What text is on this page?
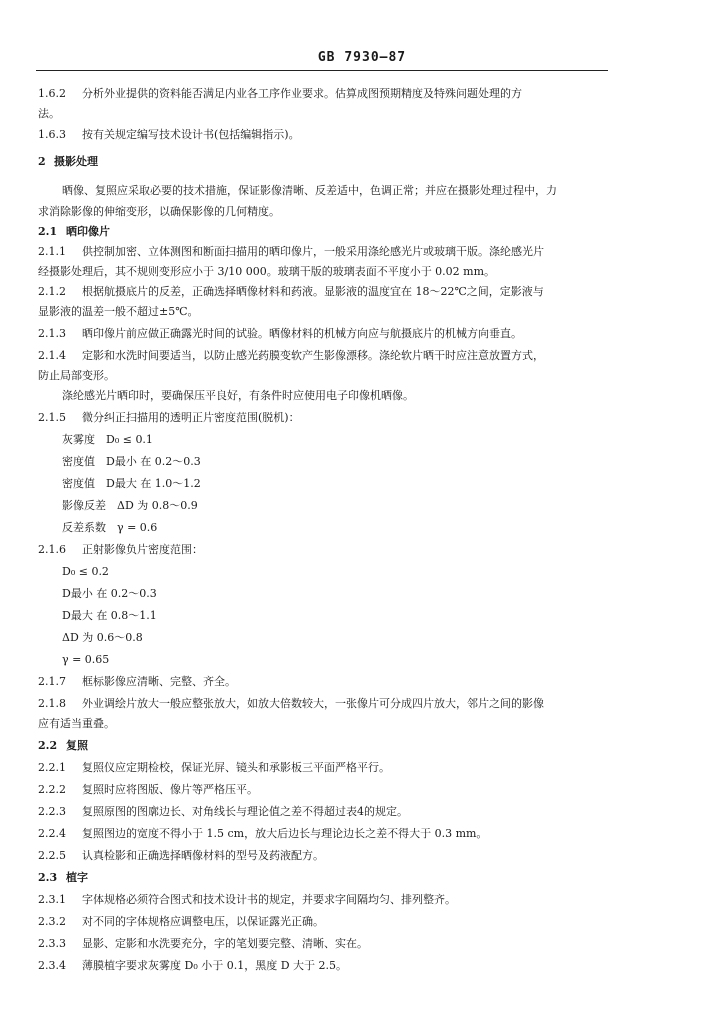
GB 7930—87
1.6.2 分析外业提供的资料能否满足内业各工序作业要求。估算成图预期精度及特殊问题处理的方
法。
1.6.3 按有关规定编写技术设计书(包括编辑指示)。
2 摄影处理
晒像、复照应采取必要的技术措施，保证影像清晰、反差适中，色调正常；并应在摄影处理过程中，力
求消除影像的伸缩变形，以确保影像的几何精度。
2.1 晒印像片
2.1.1 供控制加密、立体测图和断面扫描用的晒印像片，一般采用涤纶感光片或玻璃干版。涤纶感光片
经摄影处理后，其不规则变形应小于 3/10 000。玻璃干版的玻璃表面不平度小于 0.02 mm。
2.1.2 根据航摄底片的反差，正确选择晒像材料和药液。显影液的温度宜在 18～22℃之间，定影液与
显影液的温差一般不超过±5℃。
2.1.3 晒印像片前应做正确露光时间的试验。晒像材料的机械方向应与航摄底片的机械方向垂直。
2.1.4 定影和水洗时间要适当，以防止感光药膜变软产生影像漂移。涤纶软片晒干时应注意放置方式，
防止局部变形。
涤纶感光片晒印时，要确保压平良好，有条件时应使用电子印像机晒像。
2.1.5 微分纠正扫描用的透明正片密度范围(脱机)：
灰雾度　D₀ ≤ 0.1
密度值　D最小 在 0.2～0.3
密度值　D最大 在 1.0～1.2
影像反差　ΔD 为 0.8～0.9
反差系数　γ = 0.6
2.1.6 正射影像负片密度范围：
D₀ ≤ 0.2
D最小 在 0.2～0.3
D最大 在 0.8～1.1
ΔD 为 0.6～0.8
γ = 0.65
2.1.7 框标影像应清晰、完整、齐全。
2.1.8 外业调绘片放大一般应整张放大，如放大倍数较大，一张像片可分成四片放大，邻片之间的影像
应有适当重叠。
2.2 复照
2.2.1 复照仪应定期检校，保证光屏、镜头和承影板三平面严格平行。
2.2.2 复照时应将图版、像片等严格压平。
2.2.3 复照原图的图廓边长、对角线长与理论值之差不得超过表4的规定。
2.2.4 复照图边的宽度不得小于 1.5 cm，放大后边长与理论边长之差不得大于 0.3 mm。
2.2.5 认真检影和正确选择晒像材料的型号及药液配方。
2.3 植字
2.3.1 字体规格必须符合图式和技术设计书的规定，并要求字间隔均匀、排列整齐。
2.3.2 对不同的字体规格应调整电压，以保证露光正确。
2.3.3 显影、定影和水洗要充分，字的笔划要完整、清晰、实在。
2.3.4 薄膜植字要求灰雾度 D₀ 小于 0.1，黑度 D 大于 2.5。
